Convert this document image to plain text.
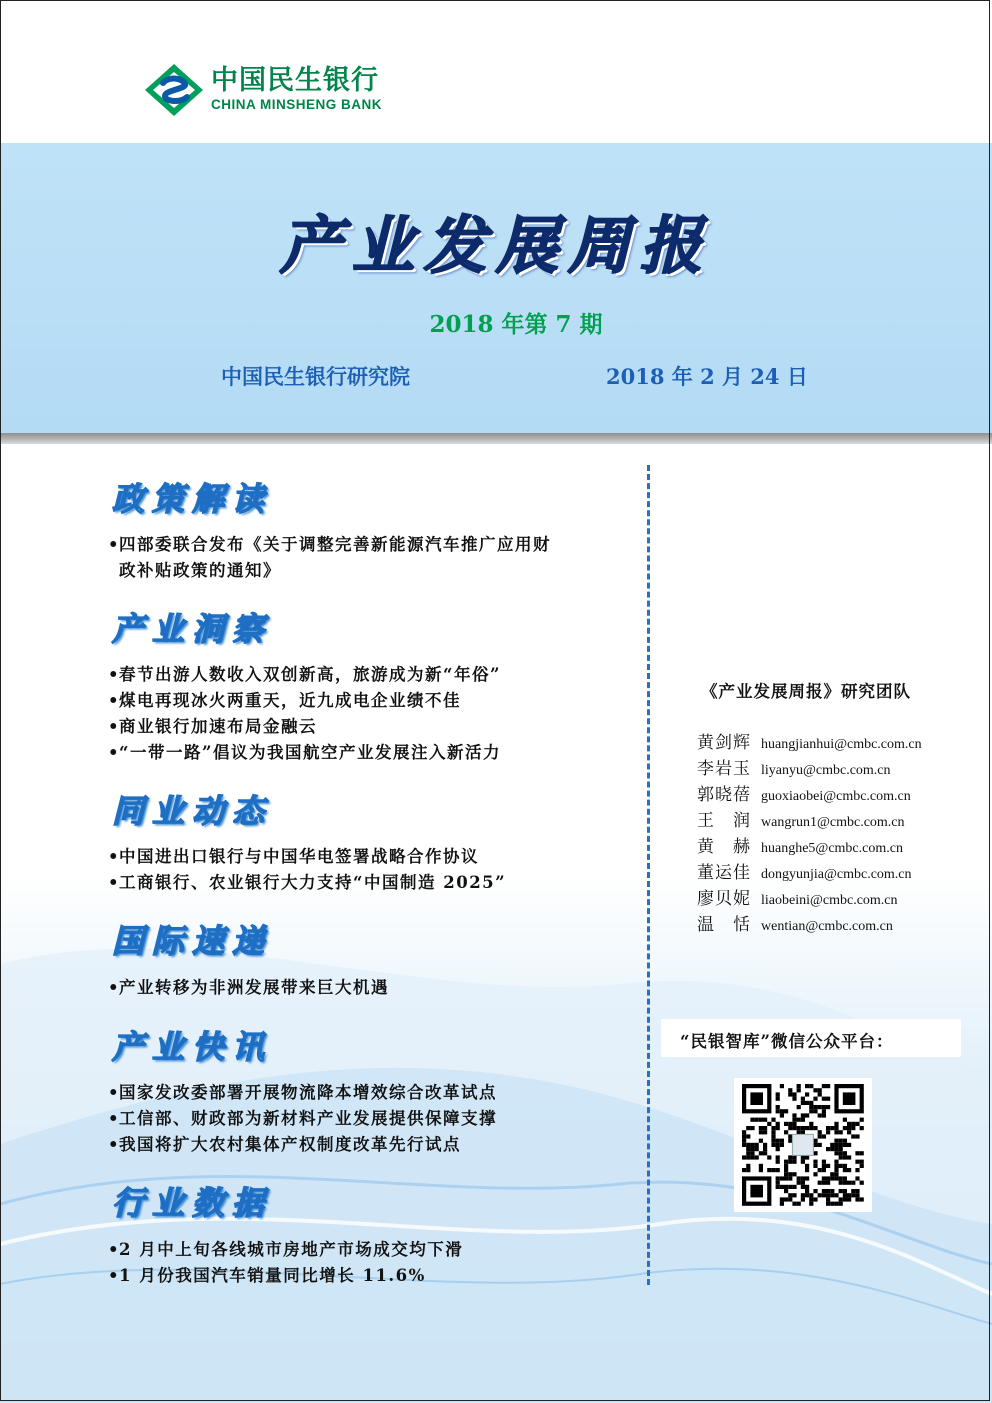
中国民生银行
CHINA MINSHENG BANK
产业发展周报
2018 年第 7 期
中国民生银行研究院	2018 年 2 月 24 日
政策解读
•四部委联合发布《关于调整完善新能源汽车推广应用财
政补贴政策的通知》
产业洞察
•春节出游人数收入双创新高，旅游成为新“年俗”
•煤电再现冰火两重天，近九成电企业绩不佳
•商业银行加速布局金融云
•“一带一路”倡议为我国航空产业发展注入新活力
同业动态
•中国进出口银行与中国华电签署战略合作协议
•工商银行、农业银行大力支持“中国制造 2025”
国际速递
•产业转移为非洲发展带来巨大机遇
产业快讯
•国家发改委部署开展物流降本增效综合改革试点
•工信部、财政部为新材料产业发展提供保障支撑
•我国将扩大农村集体产权制度改革先行试点
行业数据
•2 月中上旬各线城市房地产市场成交均下滑
•1 月份我国汽车销量同比增长 11.6%
《产业发展周报》研究团队
黄剑辉 huangjianhui@cmbc.com.cn
李岩玉 liyanyu@cmbc.com.cn
郭晓蓓 guoxiaobei@cmbc.com.cn
王　润 wangrun1@cmbc.com.cn
黄　赫 huanghe5@cmbc.com.cn
董运佳 dongyunjia@cmbc.com.cn
廖贝妮 liaobeini@cmbc.com.cn
温　恬 wentian@cmbc.com.cn
“民银智库”微信公众平台：
